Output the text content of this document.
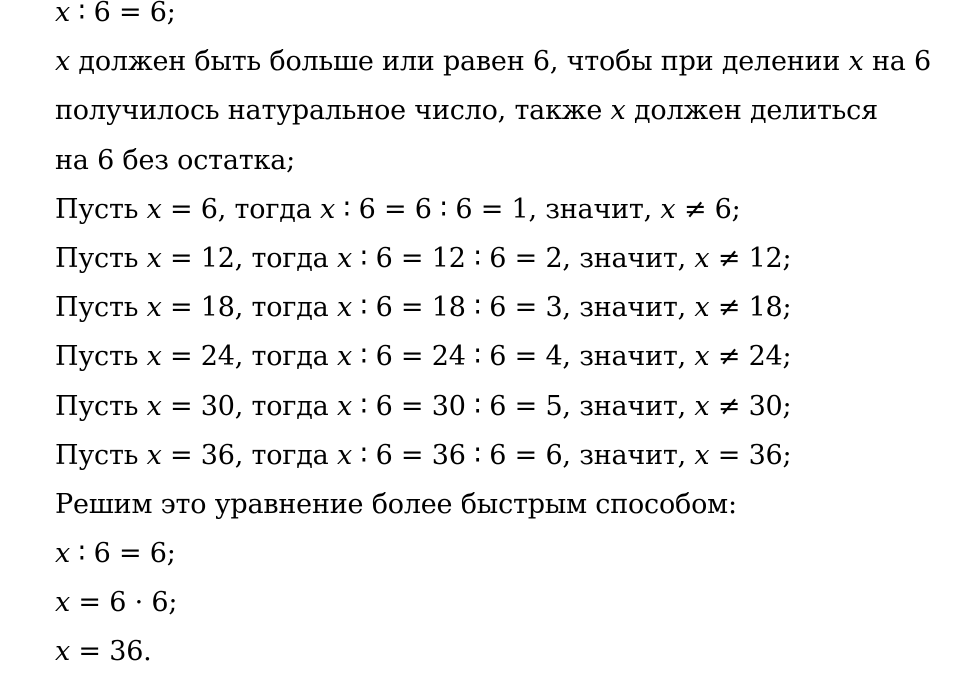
𝑥 ∶ 6 = 6;
𝑥 должен быть больше или равен 6, чтобы при делении 𝑥 на 6
получилось натуральное число, также 𝑥 должен делиться
на 6 без остатка;
Пусть 𝑥 = 6, тогда 𝑥 ∶ 6 = 6 ∶ 6 = 1, значит, 𝑥 ≠ 6;
Пусть 𝑥 = 12, тогда 𝑥 ∶ 6 = 12 ∶ 6 = 2, значит, 𝑥 ≠ 12;
Пусть 𝑥 = 18, тогда 𝑥 ∶ 6 = 18 ∶ 6 = 3, значит, 𝑥 ≠ 18;
Пусть 𝑥 = 24, тогда 𝑥 ∶ 6 = 24 ∶ 6 = 4, значит, 𝑥 ≠ 24;
Пусть 𝑥 = 30, тогда 𝑥 ∶ 6 = 30 ∶ 6 = 5, значит, 𝑥 ≠ 30;
Пусть 𝑥 = 36, тогда 𝑥 ∶ 6 = 36 ∶ 6 = 6, значит, 𝑥 = 36;
Решим это уравнение более быстрым способом:
𝑥 ∶ 6 = 6;
𝑥 = 6 · 6;
𝑥 = 36.
